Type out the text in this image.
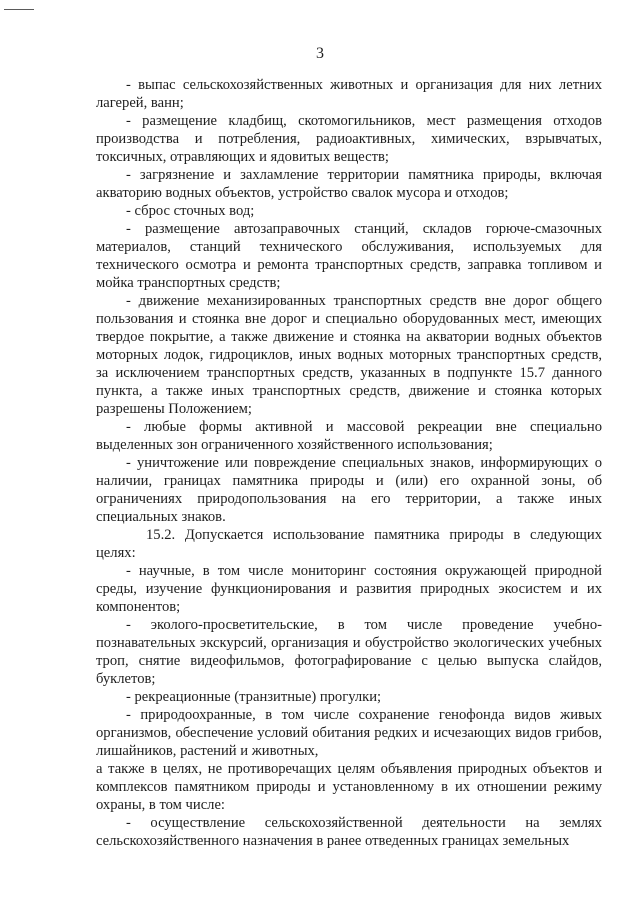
3

- выпас сельскохозяйственных животных и организация для них летних лагерей, ванн;

- размещение кладбищ, скотомогильников, мест размещения отходов производства и потребления, радиоактивных, химических, взрывчатых, токсичных, отравляющих и ядовитых веществ;

- загрязнение и захламление территории памятника природы, включая акваторию водных объектов, устройство свалок мусора и отходов;

- сброс сточных вод;

- размещение автозаправочных станций, складов горюче-смазочных материалов, станций технического обслуживания, используемых для технического осмотра и ремонта транспортных средств, заправка топливом и мойка транспортных средств;

- движение механизированных транспортных средств вне дорог общего пользования и стоянка вне дорог и специально оборудованных мест, имеющих твердое покрытие, а также движение и стоянка на акватории водных объектов моторных лодок, гидроциклов, иных водных моторных транспортных средств, за исключением транспортных средств, указанных в подпункте 15.7 данного пункта, а также иных транспортных средств, движение и стоянка которых разрешены Положением;

- любые формы активной и массовой рекреации вне специально выделенных зон ограниченного хозяйственного использования;

- уничтожение или повреждение специальных знаков, информирующих о наличии, границах памятника природы и (или) его охранной зоны, об ограничениях природопользования на его территории, а также иных специальных знаков.

15.2. Допускается использование памятника природы в следующих целях:

- научные, в том числе мониторинг состояния окружающей природной среды, изучение функционирования и развития природных экосистем и их компонентов;

- эколого-просветительские, в том числе проведение учебно-познавательных экскурсий, организация и обустройство экологических учебных троп, снятие видеофильмов, фотографирование с целью выпуска слайдов, буклетов;

- рекреационные (транзитные) прогулки;

- природоохранные, в том числе сохранение генофонда видов живых организмов, обеспечение условий обитания редких и исчезающих видов грибов, лишайников, растений и животных,

а также в целях, не противоречащих целям объявления природных объектов и комплексов памятником природы и установленному в их отношении режиму охраны, в том числе:

- осуществление сельскохозяйственной деятельности на землях сельскохозяйственного назначения в ранее отведенных границах земельных
